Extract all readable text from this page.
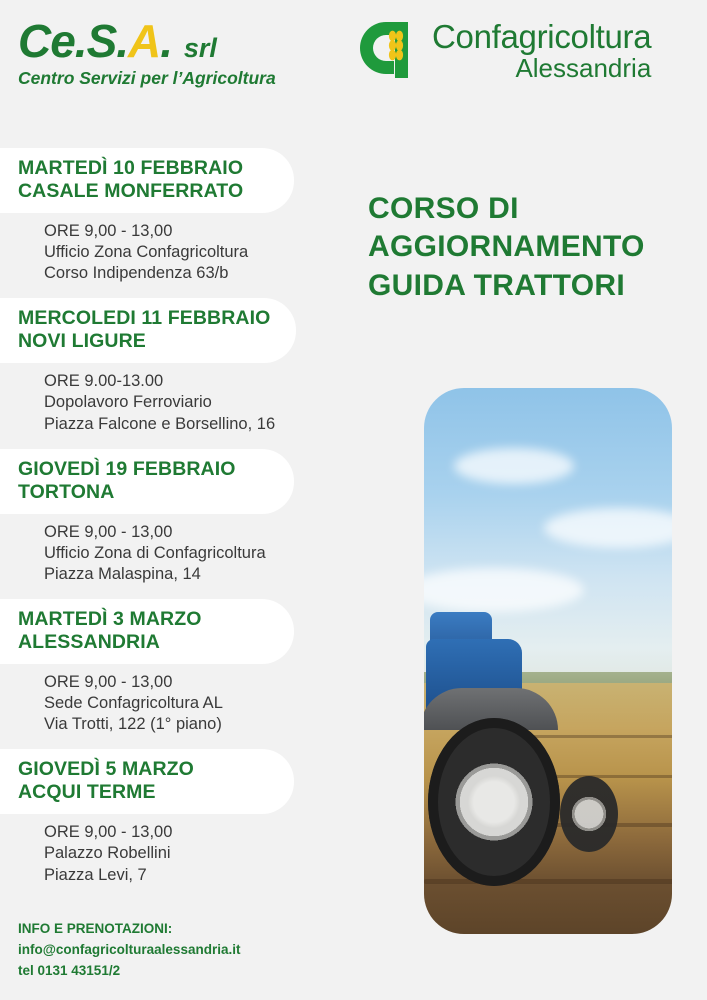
Ce.S.A. srl
Centro Servizi per l’Agricoltura
Confagricoltura
Alessandria
MARTEDÌ 10 FEBBRAIO
CASALE MONFERRATO
ORE 9,00 - 13,00
Ufficio Zona Confagricoltura
Corso Indipendenza 63/b
MERCOLEDI 11 FEBBRAIO
NOVI LIGURE
ORE 9.00-13.00
Dopolavoro Ferroviario
Piazza Falcone e Borsellino, 16
GIOVEDÌ 19 FEBBRAIO
TORTONA
ORE 9,00 - 13,00
Ufficio Zona di Confagricoltura
Piazza Malaspina, 14
MARTEDÌ 3 MARZO
ALESSANDRIA
ORE 9,00 - 13,00
Sede Confagricoltura AL
Via Trotti, 122 (1° piano)
GIOVEDÌ 5 MARZO
ACQUI TERME
ORE 9,00 - 13,00
Palazzo Robellini
Piazza Levi, 7
CORSO DI
AGGIORNAMENTO
GUIDA TRATTORI
INFO E PRENOTAZIONI:
info@confagricolturaalessandria.it
tel 0131 43151/2
